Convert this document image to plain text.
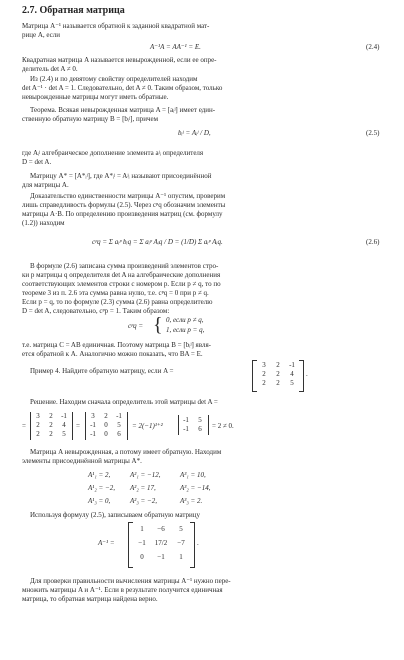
2.7. Обратная матрица
Матрица A⁻¹ называется обратной к заданной квадратной мат-
рице A, если
A⁻¹A = AA⁻¹ = E.	(2.4)
Квадратная матрица A называется невырожденной, если ее опре-
делитель det A ≠ 0.
Из (2.4) и по девятому свойству определителей находим
det A⁻¹ · det A = 1. Следовательно, det A ≠ 0. Таким образом, только
невырожденные матрицы могут иметь обратные.
Теорема. Всякая невырожденная матрица A = [aᵢʲ] имеет един-
ственную обратную матрицу B = [bᵢʲ], причем
bᵢʲ = Aᵢʲ / D,	(2.5)
где Aᵢʲ алгебраическое дополнение элемента aʲᵢ определителя
D = det A.
Матрицу A* = [A*ᵢʲ], где A*ᵢʲ = Aʲᵢ называют присоединённой
для матрицы A.
Доказательство единственности матрицы A⁻¹ опустим, проверим
лишь справедливость формулы (2.5). Через cᵖq обозначим элементы
матрицы A·B. По определению произведения матриц (см. формулу
(1.2)) находим
cᵖq = Σ aᵢᵖ bᵢq = Σ aᵢᵖ Aᵢq / D = (1/D) Σ aᵢᵖ Aᵢq.	(2.6)
В формуле (2.6) записана сумма произведений элементов стро-
ки p матрицы q определителя det A на алгебраические дополнения
соответствующих элементов строки с номером p. Если p ≠ q, то по
теореме 3 из п. 2.6 эта сумма равна нулю, т.е. cᵖq = 0 при p ≠ q.
Если p = q, то по формуле (2.3) сумма (2.6) равна определителю
D = det A, следовательно, cᵖp = 1. Таким образом:
cᵖq = { 0, если p ≠ q,
1, если p = q,
т.е. матрица C = AB единичная. Поэтому матрица B = [bᵢʲ] явля-
ется обратной к A. Аналогично можно показать, что BA = E.
Пример 4. Найдите обратную матрицу, если A =
3	2	-1
2	2	4
2	2	5
.
Решение. Находим сначала определитель этой матрицы det A =
=
3	2	-1
2	2	4
2	2	5
=
3	2	-1
-1	0	5
-1	0	6
= 2(−1)¹⁺²
-1	5
-1	6	= 2 ≠ 0.
Матрица A невырожденная, а потому имеет обратную. Находим
элементы присоединённой матрицы A*.
A¹₁ = 2,	A²₁ = −12,	A³₁ = 10,
A¹₂ = −2, A²₂ = 17,	A³₂ = −14,
A¹₃ = 0,	A²₃ = −2,	A³₃ = 2.
Используя формулу (2.5), записываем обратную матрицу
A⁻¹ =
1	−6	5
−1	17/2	−7
0	−1	1
.
Для проверки правильности вычисления матрицы A⁻¹ нужно пере-
множить матрицы A и A⁻¹. Если в результате получится единичная
матрица, то обратная матрица найдена верно.
